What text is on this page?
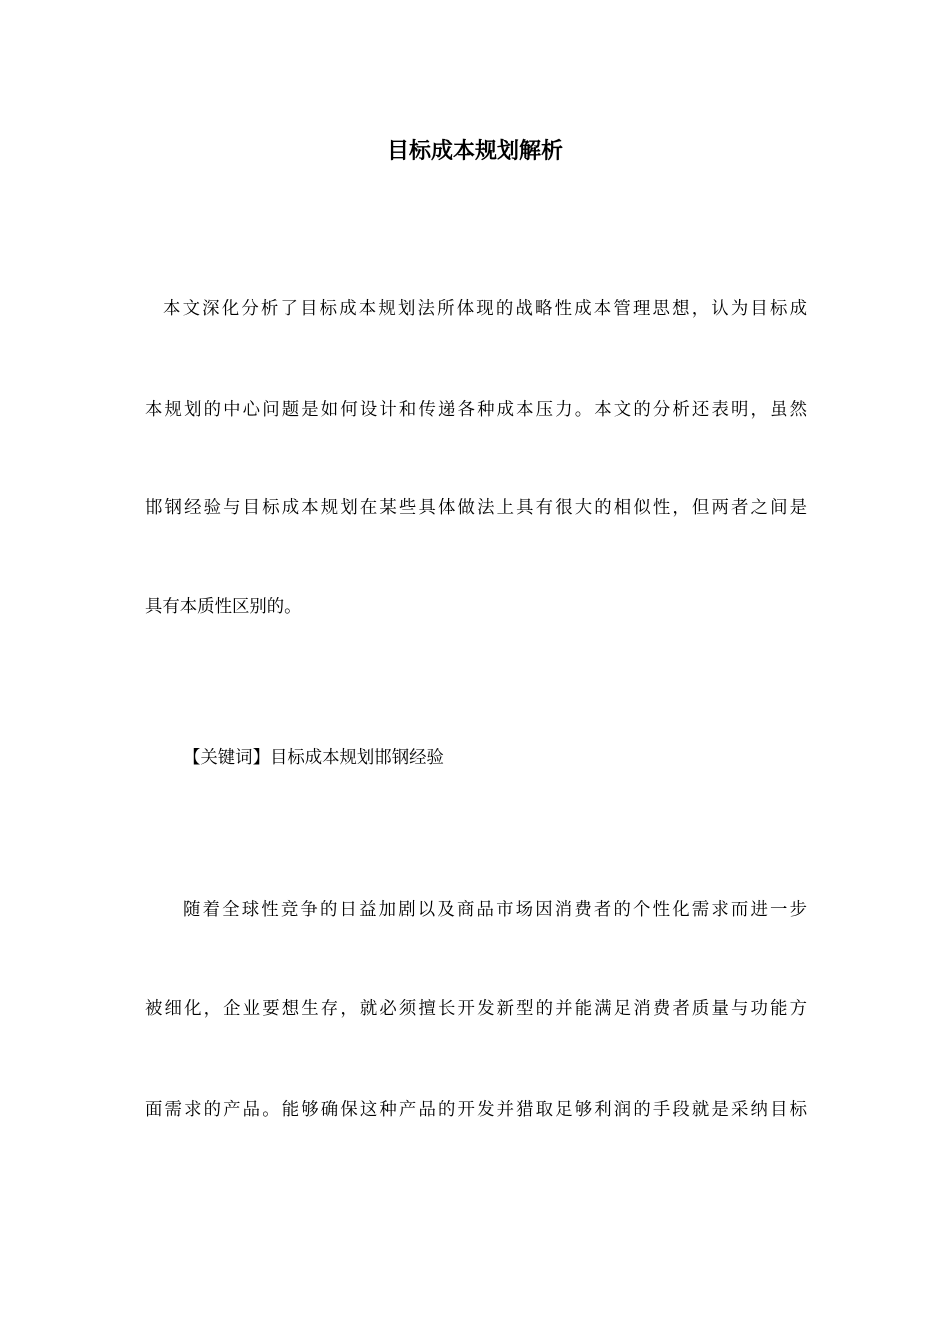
目标成本规划解析
本文深化分析了目标成本规划法所体现的战略性成本管理思想，认为目标成
本规划的中心问题是如何设计和传递各种成本压力。本文的分析还表明，虽然
邯钢经验与目标成本规划在某些具体做法上具有很大的相似性，但两者之间是
具有本质性区别的。
【关键词】目标成本规划邯钢经验
随着全球性竞争的日益加剧以及商品市场因消费者的个性化需求而进一步
被细化，企业要想生存，就必须擅长开发新型的并能满足消费者质量与功能方
面需求的产品。能够确保这种产品的开发并猎取足够利润的手段就是采纳目标
